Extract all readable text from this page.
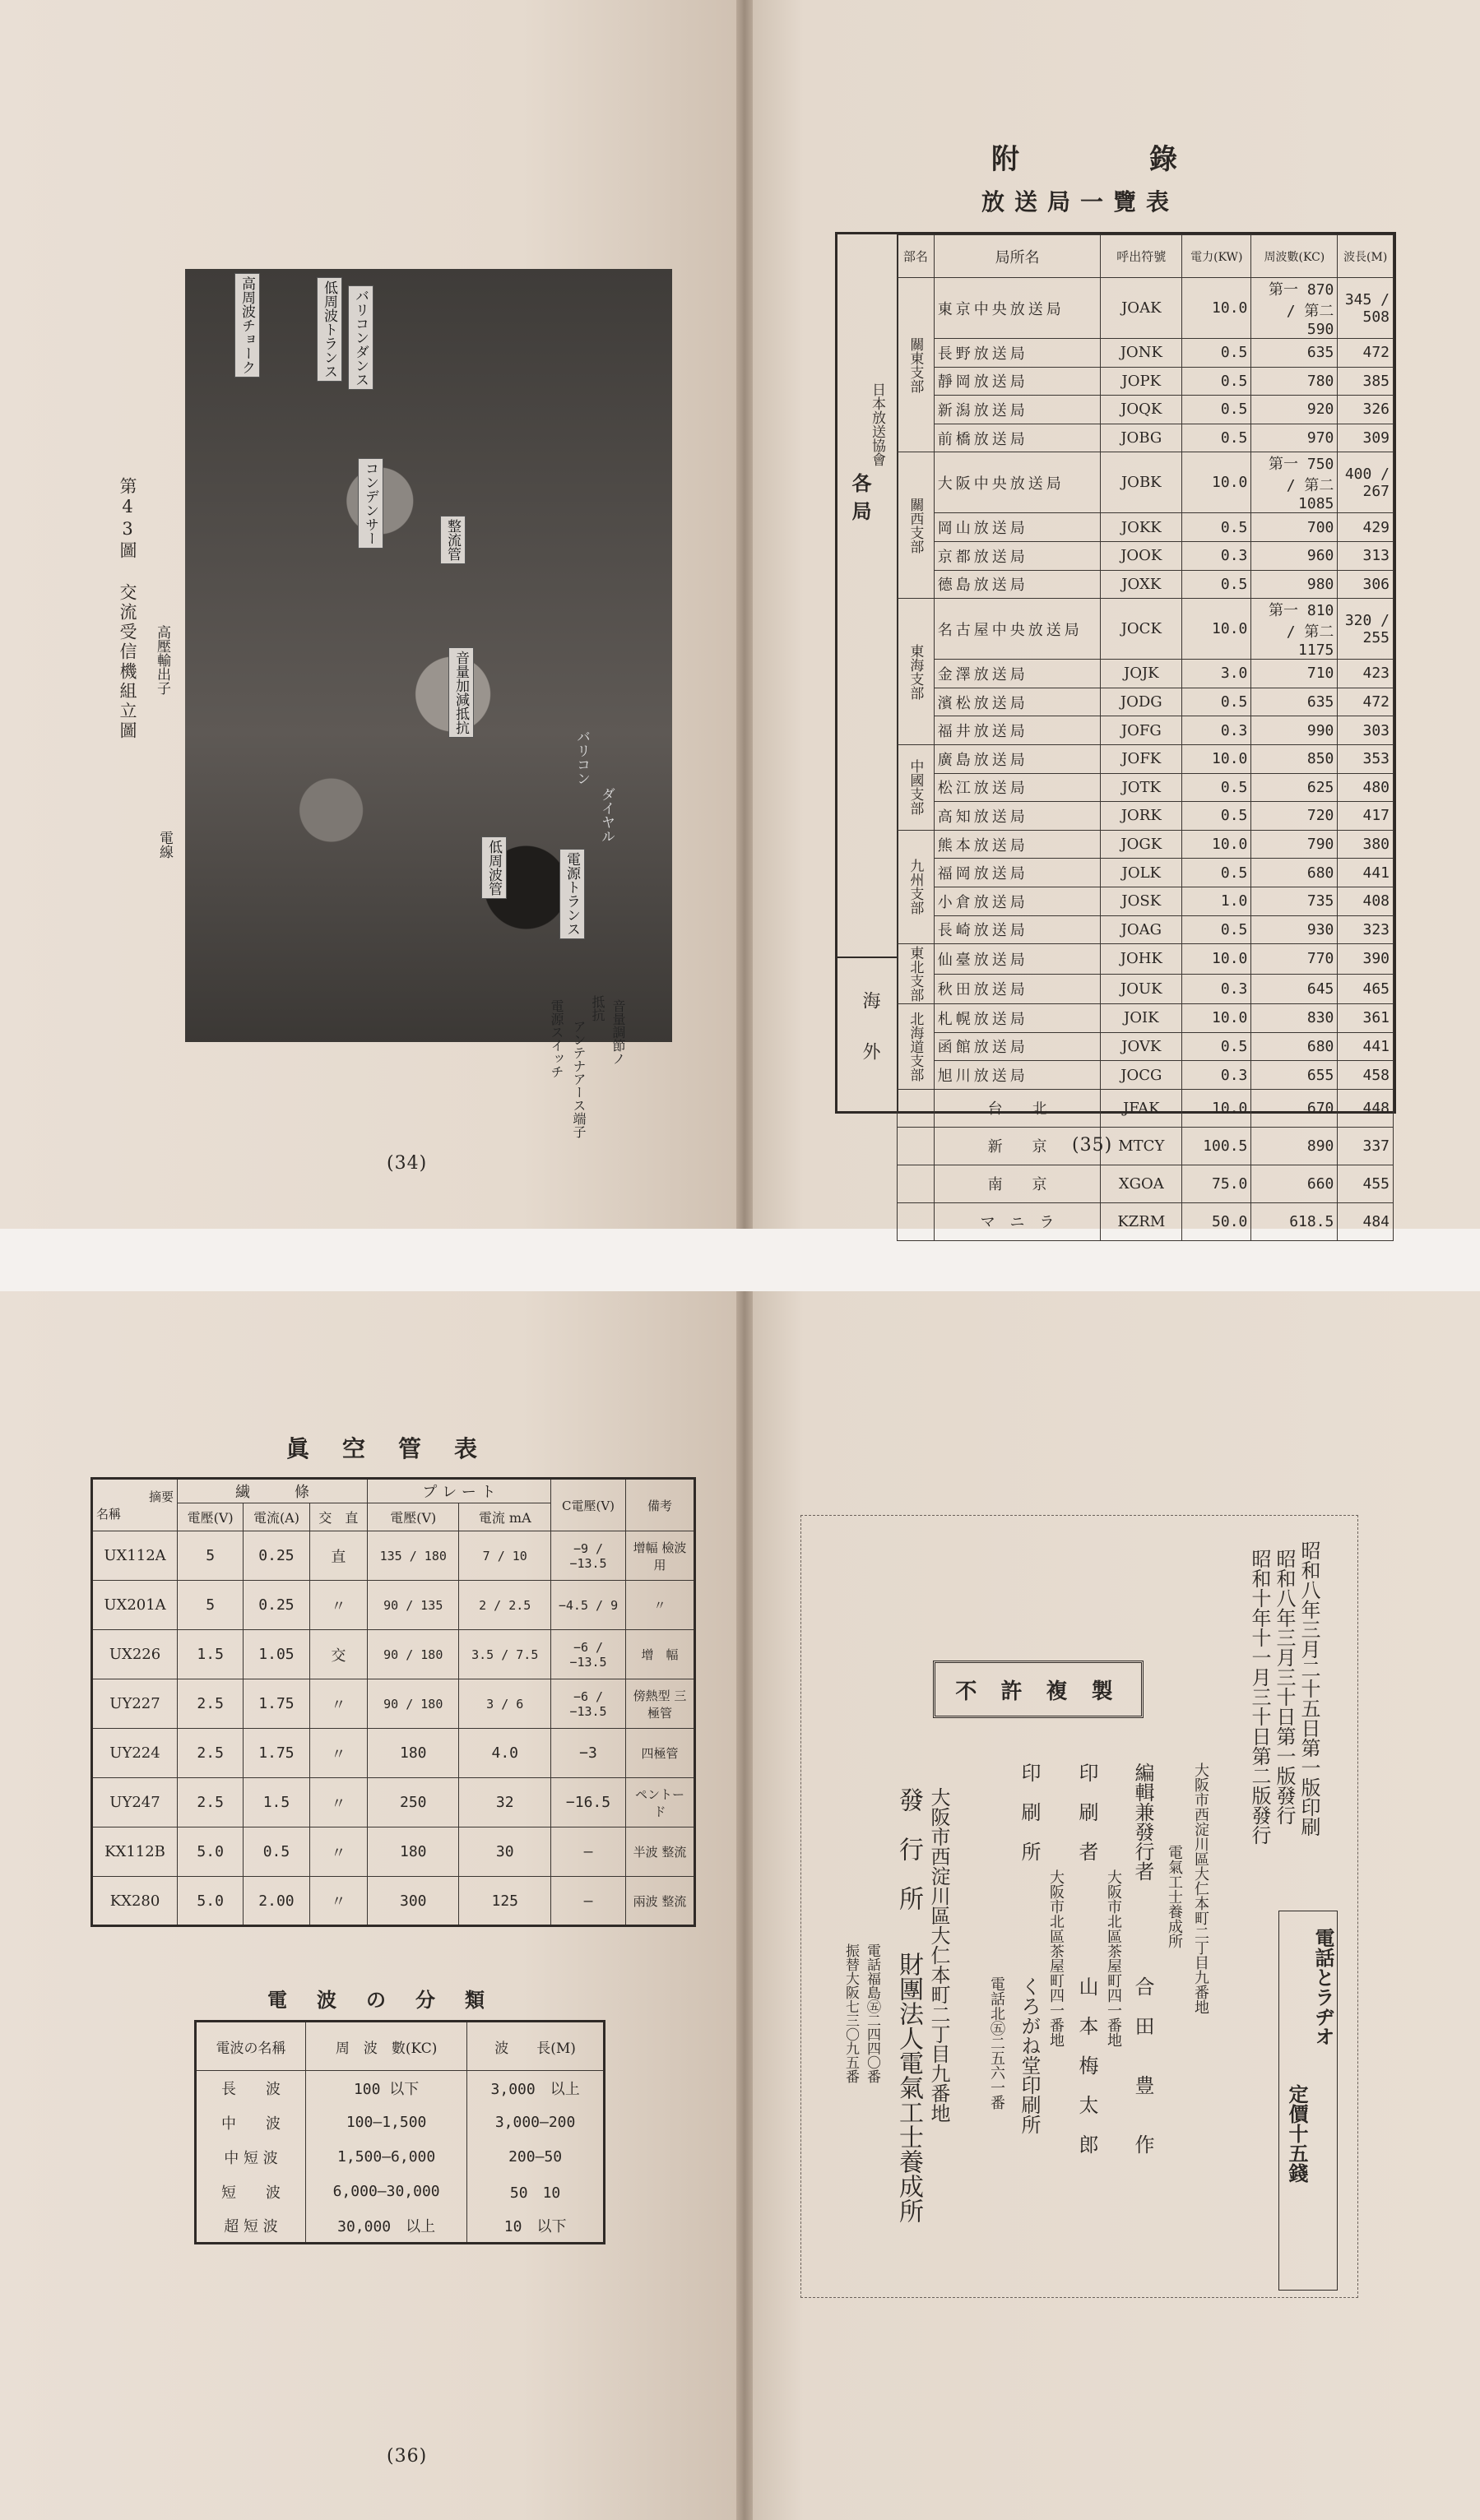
バリコンダンス
低周波トランス
高周波チョーク
コンデンサー	整流管
音量加減抵抗
低周波管	電源トランス
ダイヤル
バリコン
第43圖 交流受信機組立圖 高壓輸出子
電線
アンテナアース端子
電源スイッチ 抵抗 音量調節ノ
(34)
附　　錄
放送局一覽表
日本放送協會
各局
海外
部名	局所名	呼出符號	電力(KW)	周波數(KC)	波長(M)
關東支部	東京中央放送局	JOAK	10.0	第一 870 / 第二 590	345 / 508
	長野放送局	JONK	0.5	635	472
	靜岡放送局	JOPK	0.5	780	385
	新潟放送局	JOQK	0.5	920	326
	前橋放送局	JOBG	0.5	970	309
關西支部	大阪中央放送局	JOBK	10.0	第一 750 / 第二 1085	400 / 267
	岡山放送局	JOKK	0.5	700	429
	京都放送局	JOOK	0.3	960	313
	德島放送局	JOXK	0.5	980	306
東海支部	名古屋中央放送局	JOCK	10.0	第一 810 / 第二 1175	320 / 255
	金澤放送局	JOJK	3.0	710	423
	濱松放送局	JODG	0.5	635	472
	福井放送局	JOFG	0.3	990	303
中國支部	廣島放送局	JOFK	10.0	850	353
	松江放送局	JOTK	0.5	625	480
	高知放送局	JORK	0.5	720	417
九州支部	熊本放送局	JOGK	10.0	790	380
	福岡放送局	JOLK	0.5	680	441
	小倉放送局	JOSK	1.0	735	408
	長崎放送局	JOAG	0.5	930	323
東北支部	仙臺放送局	JOHK	10.0	770	390
	秋田放送局	JOUK	0.3	645	465
北海道支部	札幌放送局	JOIK	10.0	830	361
	函館放送局	JOVK	0.5	680	441
	旭川放送局	JOCG	0.3	655	458
	台　　北	JFAK	10.0	670	448
	新　　京	MTCY	100.5	890	337
	南　　京	XGOA	75.0	660	455
	マ　ニ　ラ	KZRM	50.0	618.5	484
(35)
眞　空　管　表
摘要
名稱	繊　　　條			プ レ ー ト		C電壓(V)	備考
	電壓(V)	電流(A)	交　直	電壓(V)	電流 mA		
UX112A	5	0.25	直	135 / 180	7 / 10	−9 / −13.5	增幅 檢波用
UX201A	5	0.25	〃	90 / 135	2 / 2.5	−4.5 / 9	〃
UX226	1.5	1.05	交	90 / 180	3.5 / 7.5	−6 / −13.5	增　幅
UY227	2.5	1.75	〃	90 / 180	3 / 6	−6 / −13.5	傍熱型 三極管
UY224	2.5	1.75	〃	180	4.0	−3	四極管
UY247	2.5	1.5	〃	250	32	−16.5	ペントード
KX112B	5.0	0.5	〃	180	30	—	半波 整流
KX280	5.0	2.00	〃	300	125	—	兩波 整流
電　波　の　分　類
電波の名稱	周　波　數(KC)	波　　長(M)
長　　波	100 以下	3,000　以上
中　　波	100―1,500	3,000―200
中 短 波	1,500―6,000	200―50
短　　波	6,000―30,000	50　10
超 短 波	30,000　以上	10　以下
(36)
不 許 複 製	昭和八年三月二十五日第一版印刷
昭和八年三月三十日第一版發行
昭和十年十一月三十日第二版發行
電話とラヂオ
定價十五錢
大阪市西淀川區大仁本町二丁目九番地
電氣工士養成所
編輯兼發行者
合　田　　豊　　作
大阪市北區茶屋町四一番地
印　刷　者
山　本　梅　太　郎
大阪市北區茶屋町四一番地
印　刷　所
くろがね堂印刷所
電話北㊄二五六一番
大阪市西淀川區大仁本町二丁目九番地
發　行　所
財團法人電氣工士養成所
電話福島㊄二四四〇番
振替大阪七三〇九五番
